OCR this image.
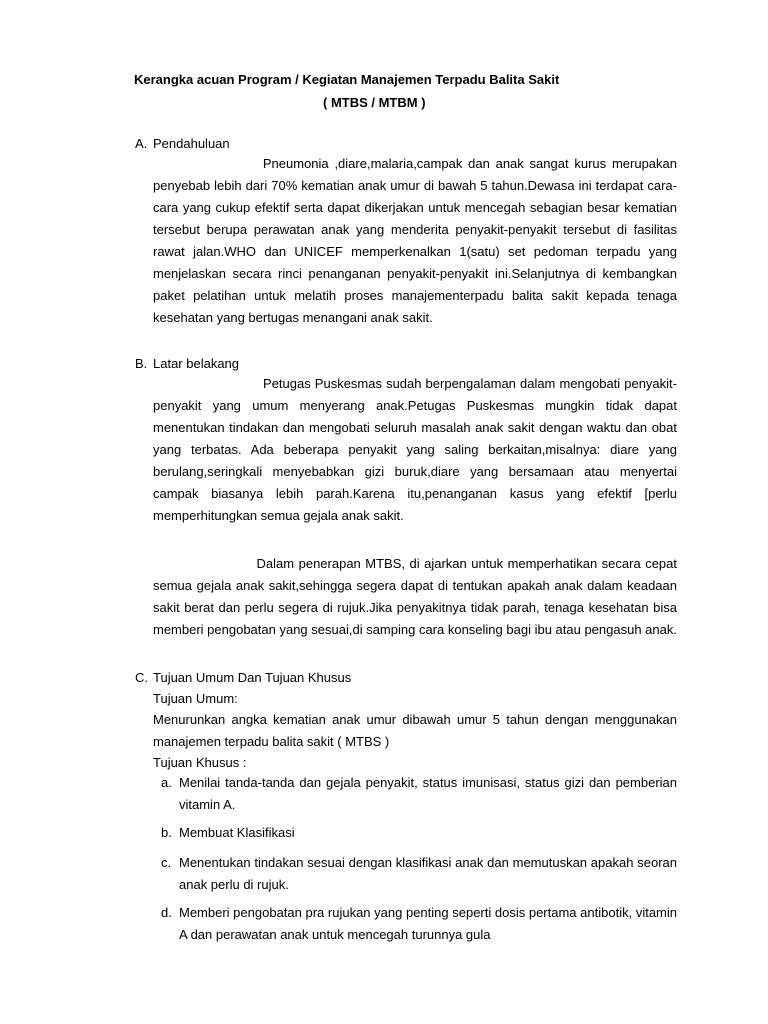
Kerangka acuan Program / Kegiatan Manajemen Terpadu Balita Sakit
( MTBS / MTBM )
A. Pendahuluan

Pneumonia ,diare,malaria,campak dan anak sangat kurus merupakan penyebab lebih dari 70% kematian anak umur di bawah 5 tahun.Dewasa ini terdapat cara-cara yang cukup efektif serta dapat dikerjakan untuk mencegah sebagian besar kematian tersebut berupa perawatan anak yang menderita penyakit-penyakit tersebut di fasilitas rawat jalan.WHO dan UNICEF memperkenalkan 1(satu) set pedoman terpadu yang menjelaskan secara rinci penanganan penyakit-penyakit ini.Selanjutnya di kembangkan paket pelatihan untuk melatih proses manajementerpadu balita sakit kepada tenaga kesehatan yang bertugas menangani anak sakit.

B. Latar belakang

Petugas Puskesmas sudah berpengalaman dalam mengobati penyakit-penyakit yang umum menyerang anak.Petugas Puskesmas mungkin tidak dapat menentukan tindakan dan mengobati seluruh masalah anak sakit dengan waktu dan obat yang terbatas. Ada beberapa penyakit yang saling berkaitan,misalnya: diare yang berulang,seringkali menyebabkan gizi buruk,diare yang bersamaan atau menyertai campak biasanya lebih parah.Karena itu,penanganan kasus yang efektif [perlu memperhitungkan semua gejala anak sakit.

Dalam penerapan MTBS, di ajarkan untuk memperhatikan secara cepat semua gejala anak sakit,sehingga segera dapat di tentukan apakah anak dalam keadaan sakit berat dan perlu segera di rujuk.Jika penyakitnya tidak parah, tenaga kesehatan bisa memberi pengobatan yang sesuai,di samping cara konseling bagi ibu atau pengasuh anak.

C. Tujuan Umum Dan Tujuan Khusus

Tujuan Umum:

Menurunkan angka kematian anak umur dibawah umur 5 tahun dengan menggunakan manajemen terpadu balita sakit ( MTBS )

Tujuan Khusus :

a. Menilai tanda-tanda dan gejala penyakit, status imunisasi, status gizi dan pemberian vitamin A.
b. Membuat Klasifikasi
c. Menentukan tindakan sesuai dengan klasifikasi anak dan memutuskan apakah seoran anak perlu di rujuk.
d. Memberi pengobatan pra rujukan yang penting seperti dosis pertama antibotik, vitamin A dan perawatan anak untuk mencegah turunnya gula
